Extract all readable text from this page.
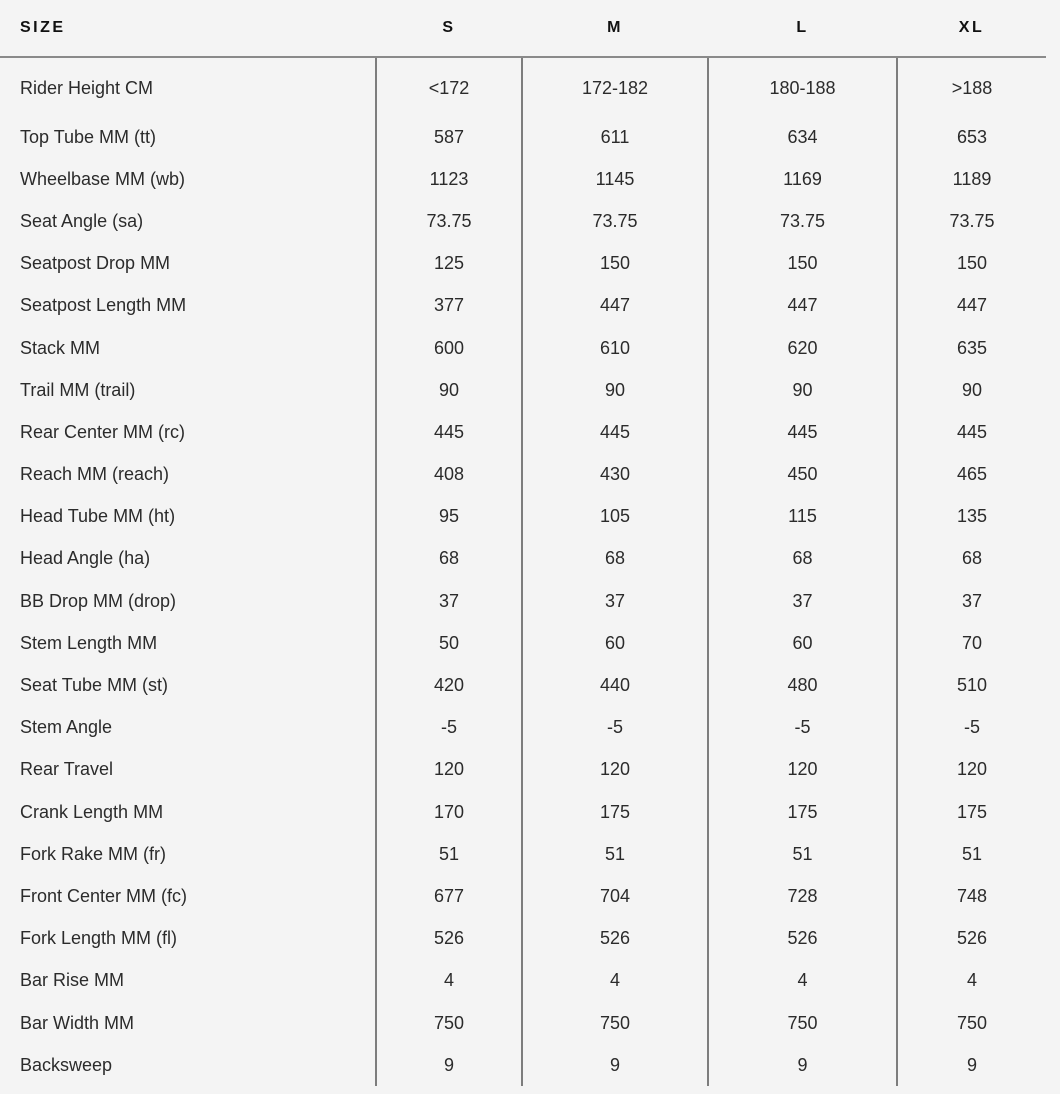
SIZE	S	M	L	XL
Rider Height CM	<172	172-182	180-188	>188
Top Tube MM (tt)	587	611	634	653
Wheelbase MM (wb)	1123	1145	1169	1189
Seat Angle (sa)	73.75	73.75	73.75	73.75
Seatpost Drop MM	125	150	150	150
Seatpost Length MM	377	447	447	447
Stack MM	600	610	620	635
Trail MM (trail)	90	90	90	90
Rear Center MM (rc)	445	445	445	445
Reach MM (reach)	408	430	450	465
Head Tube MM (ht)	95	105	115	135
Head Angle (ha)	68	68	68	68
BB Drop MM (drop)	37	37	37	37
Stem Length MM	50	60	60	70
Seat Tube MM (st)	420	440	480	510
Stem Angle	-5	-5	-5	-5
Rear Travel	120	120	120	120
Crank Length MM	170	175	175	175
Fork Rake MM (fr)	51	51	51	51
Front Center MM (fc)	677	704	728	748
Fork Length MM (fl)	526	526	526	526
Bar Rise MM	4	4	4	4
Bar Width MM	750	750	750	750
Backsweep	9	9	9	9
